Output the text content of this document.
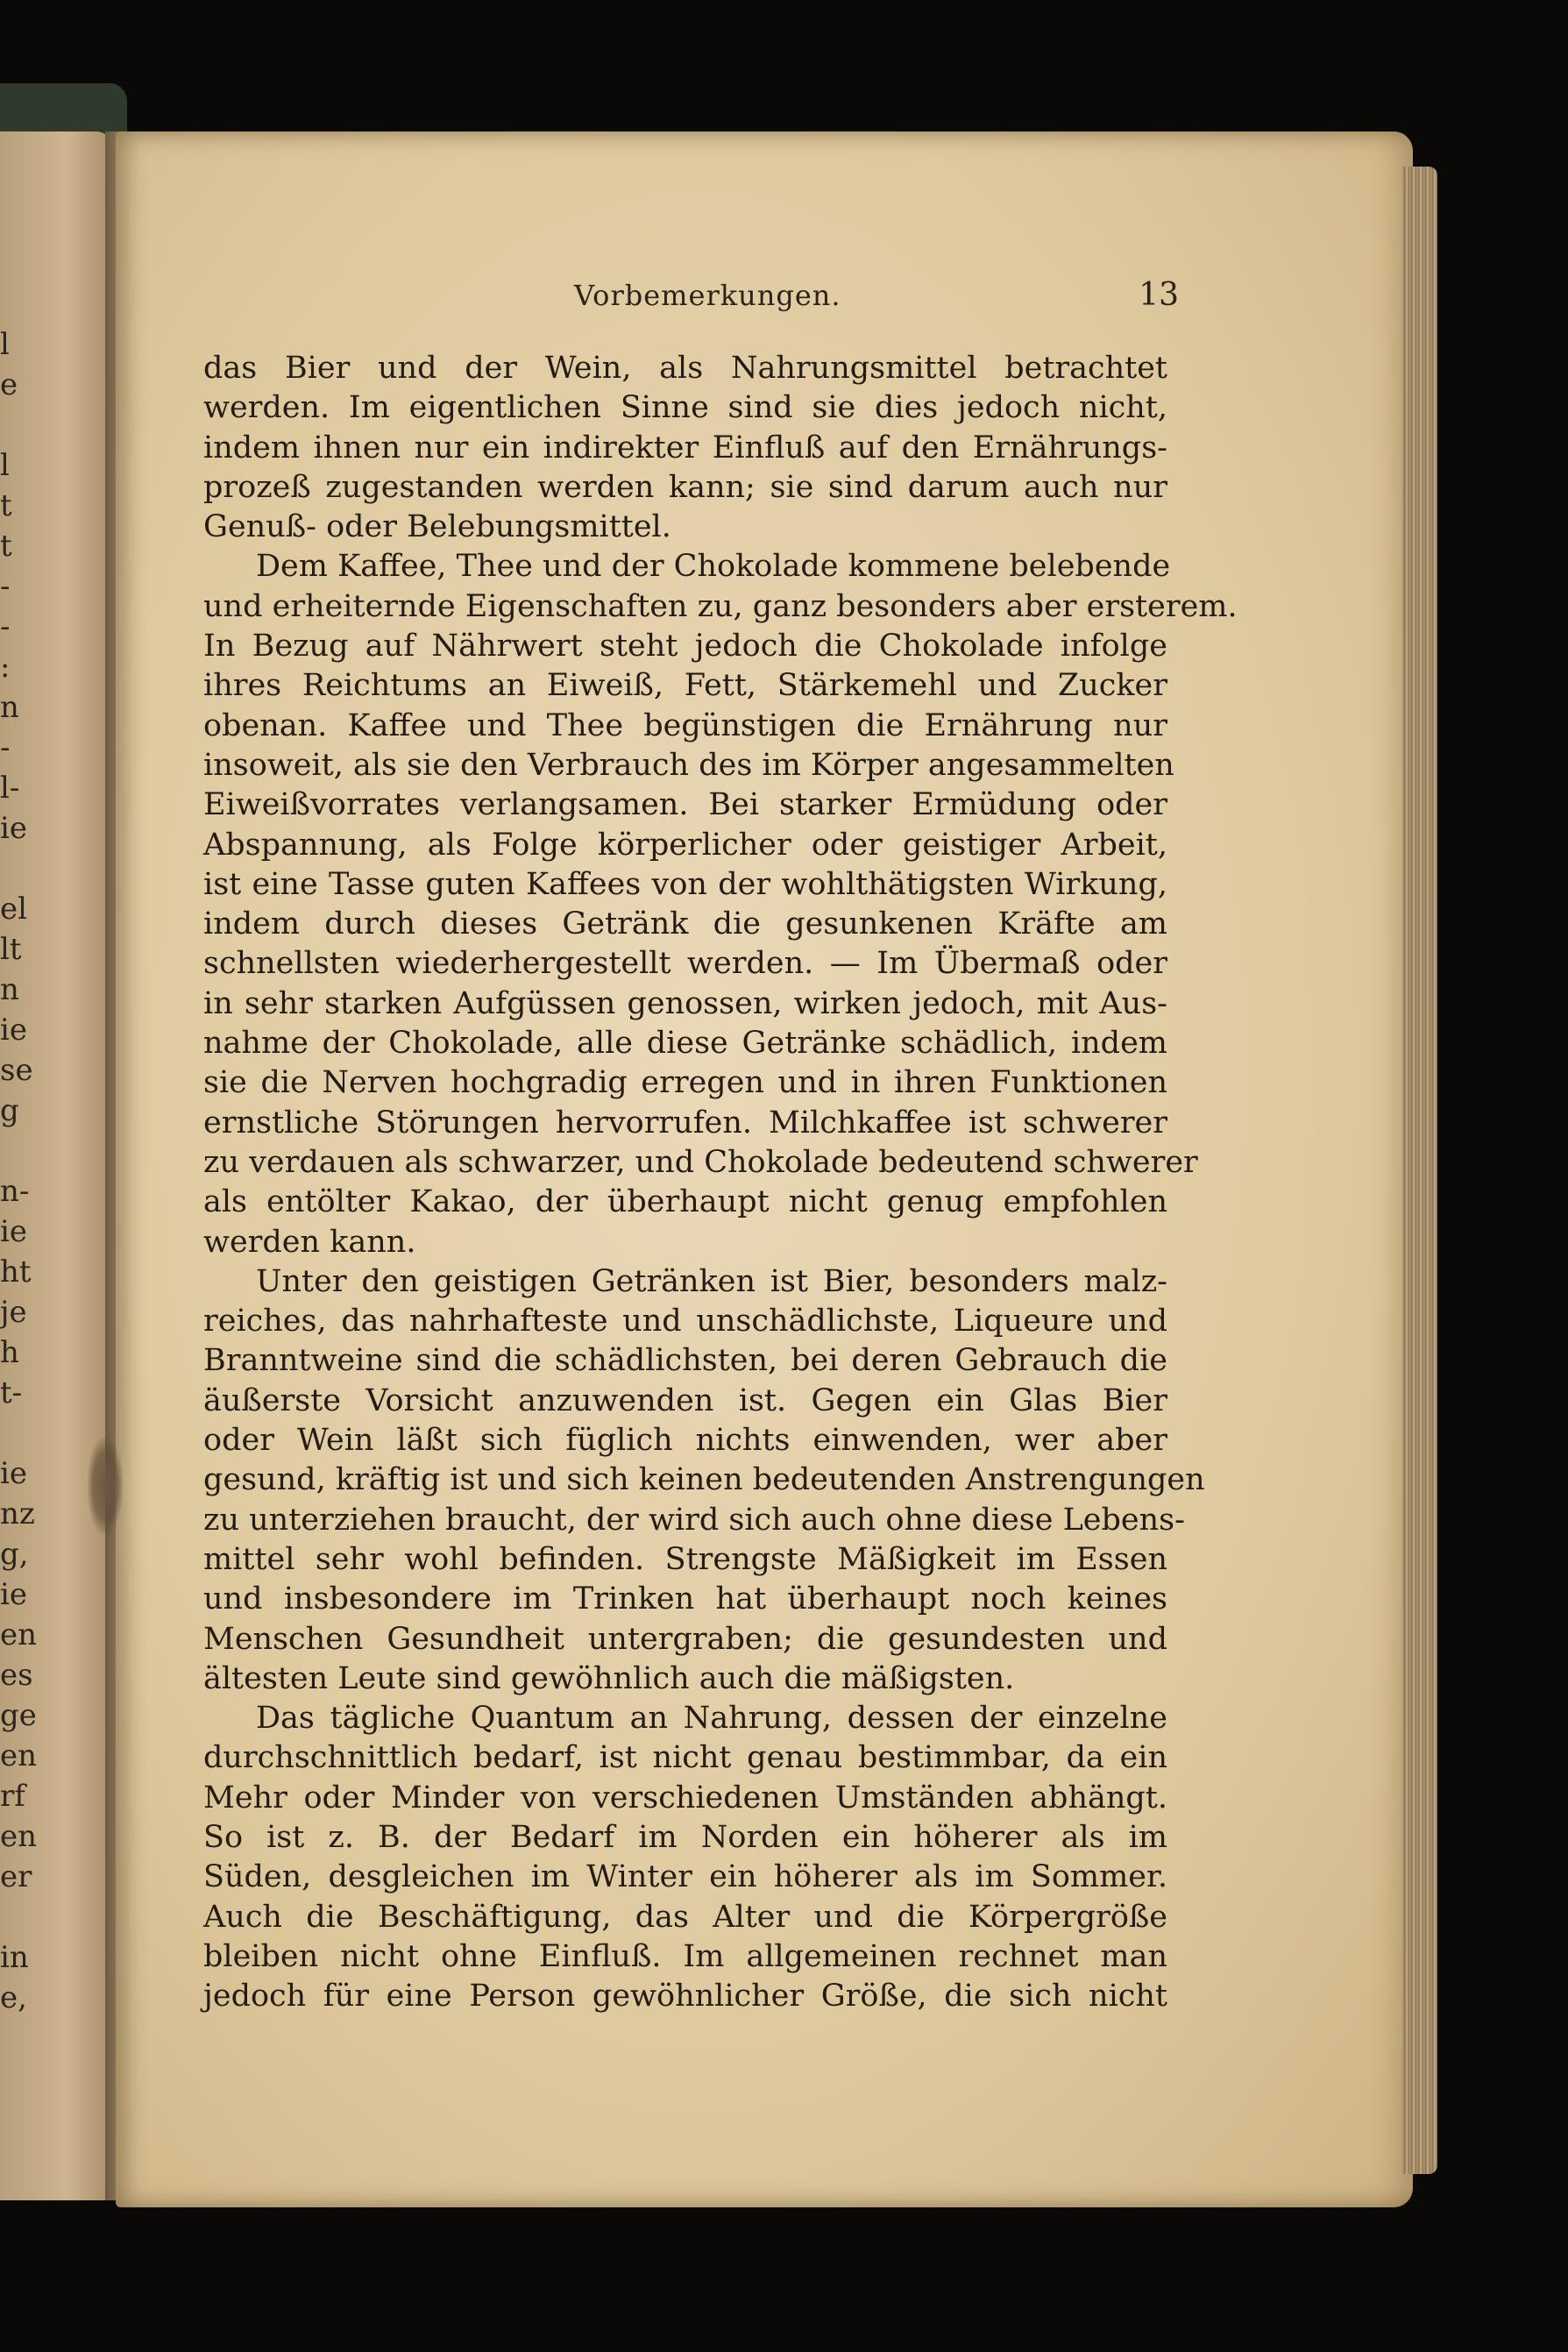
l
e
l
t
t
-
-
:
n
-
l-
ie
el
lt
n
ie
se
g
n-
ie
ht
je
h
t-
ie
nz
g,
ie
en
es
ge
en
rf
en
er
in
e,
Vorbemerkungen.	13
das Bier und der Wein, als Nahrungsmittel betrachtet
werden. Im eigentlichen Sinne sind sie dies jedoch nicht,
indem ihnen nur ein indirekter Einfluß auf den Ernährungs-
prozeß zugestanden werden kann; sie sind darum auch nur
Genuß- oder Belebungsmittel.
Dem Kaffee, Thee und der Chokolade kommene belebende
und erheiternde Eigenschaften zu, ganz besonders aber ersterem.
In Bezug auf Nährwert steht jedoch die Chokolade infolge
ihres Reichtums an Eiweiß, Fett, Stärkemehl und Zucker
obenan. Kaffee und Thee begünstigen die Ernährung nur
insoweit, als sie den Verbrauch des im Körper angesammelten
Eiweißvorrates verlangsamen. Bei starker Ermüdung oder
Abspannung, als Folge körperlicher oder geistiger Arbeit,
ist eine Tasse guten Kaffees von der wohlthätigsten Wirkung,
indem durch dieses Getränk die gesunkenen Kräfte am
schnellsten wiederhergestellt werden. — Im Übermaß oder
in sehr starken Aufgüssen genossen, wirken jedoch, mit Aus-
nahme der Chokolade, alle diese Getränke schädlich, indem
sie die Nerven hochgradig erregen und in ihren Funktionen
ernstliche Störungen hervorrufen. Milchkaffee ist schwerer
zu verdauen als schwarzer, und Chokolade bedeutend schwerer
als entölter Kakao, der überhaupt nicht genug empfohlen
werden kann.
Unter den geistigen Getränken ist Bier, besonders malz-
reiches, das nahrhafteste und unschädlichste, Liqueure und
Branntweine sind die schädlichsten, bei deren Gebrauch die
äußerste Vorsicht anzuwenden ist. Gegen ein Glas Bier
oder Wein läßt sich füglich nichts einwenden, wer aber
gesund, kräftig ist und sich keinen bedeutenden Anstrengungen
zu unterziehen braucht, der wird sich auch ohne diese Lebens-
mittel sehr wohl befinden. Strengste Mäßigkeit im Essen
und insbesondere im Trinken hat überhaupt noch keines
Menschen Gesundheit untergraben; die gesundesten und
ältesten Leute sind gewöhnlich auch die mäßigsten.
Das tägliche Quantum an Nahrung, dessen der einzelne
durchschnittlich bedarf, ist nicht genau bestimmbar, da ein
Mehr oder Minder von verschiedenen Umständen abhängt.
So ist z. B. der Bedarf im Norden ein höherer als im
Süden, desgleichen im Winter ein höherer als im Sommer.
Auch die Beschäftigung, das Alter und die Körpergröße
bleiben nicht ohne Einfluß. Im allgemeinen rechnet man
jedoch für eine Person gewöhnlicher Größe, die sich nicht
